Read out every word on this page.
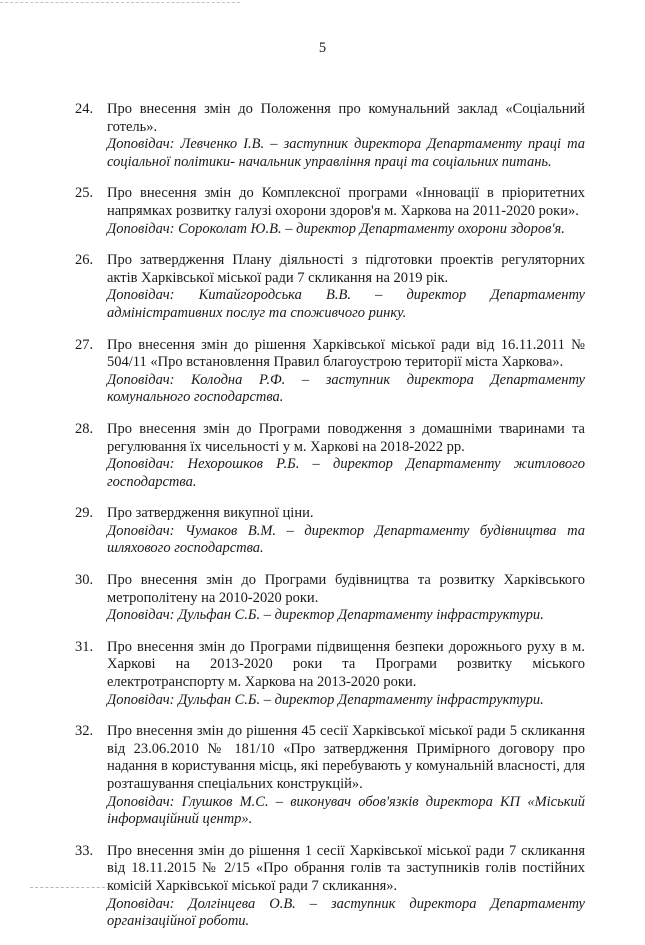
5
24. Про внесення змін до Положення про комунальний заклад «Соціальний готель».
Доповідач: Левченко І.В. – заступник директора Департаменту праці та соціальної політики- начальник управління праці та соціальних питань.
25. Про внесення змін до Комплексної програми «Інновації в пріоритетних напрямках розвитку галузі охорони здоров'я м. Харкова на 2011-2020 роки».
Доповідач: Сороколат Ю.В. – директор Департаменту охорони здоров'я.
26. Про затвердження Плану діяльності з підготовки проектів регуляторних актів Харківської міської ради 7 скликання на 2019 рік.
Доповідач: Китайгородська В.В. – директор Департаменту адміністративних послуг та споживчого ринку.
27. Про внесення змін до рішення Харківської міської ради від 16.11.2011 № 504/11 «Про встановлення Правил благоустрою території міста Харкова».
Доповідач: Колодна Р.Ф. – заступник директора Департаменту комунального господарства.
28. Про внесення змін до Програми поводження з домашніми тваринами та регулювання їх чисельності у м. Харкові на 2018-2022 рр.
Доповідач: Нехорошков Р.Б. – директор Департаменту житлового господарства.
29. Про затвердження викупної ціни.
Доповідач: Чумаков В.М. – директор Департаменту будівництва та шляхового господарства.
30. Про внесення змін до Програми будівництва та розвитку Харківського метрополітену на 2010-2020 роки.
Доповідач: Дульфан С.Б. – директор Департаменту інфраструктури.
31. Про внесення змін до Програми підвищення безпеки дорожнього руху в м. Харкові на 2013-2020 роки та Програми розвитку міського електротранспорту м. Харкова на 2013-2020 роки.
Доповідач: Дульфан С.Б. – директор Департаменту інфраструктури.
32. Про внесення змін до рішення 45 сесії Харківської міської ради 5 скликання від 23.06.2010 № 181/10 «Про затвердження Примірного договору про надання в користування місць, які перебувають у комунальній власності, для розташування спеціальних конструкцій».
Доповідач: Глушков М.С. – виконувач обов'язків директора КП «Міський інформаційний центр».
33. Про внесення змін до рішення 1 сесії Харківської міської ради 7 скликання від 18.11.2015 № 2/15 «Про обрання голів та заступників голів постійних комісій Харківської міської ради 7 скликання».
Доповідач: Долгінцева О.В. – заступник директора Департаменту організаційної роботи.
